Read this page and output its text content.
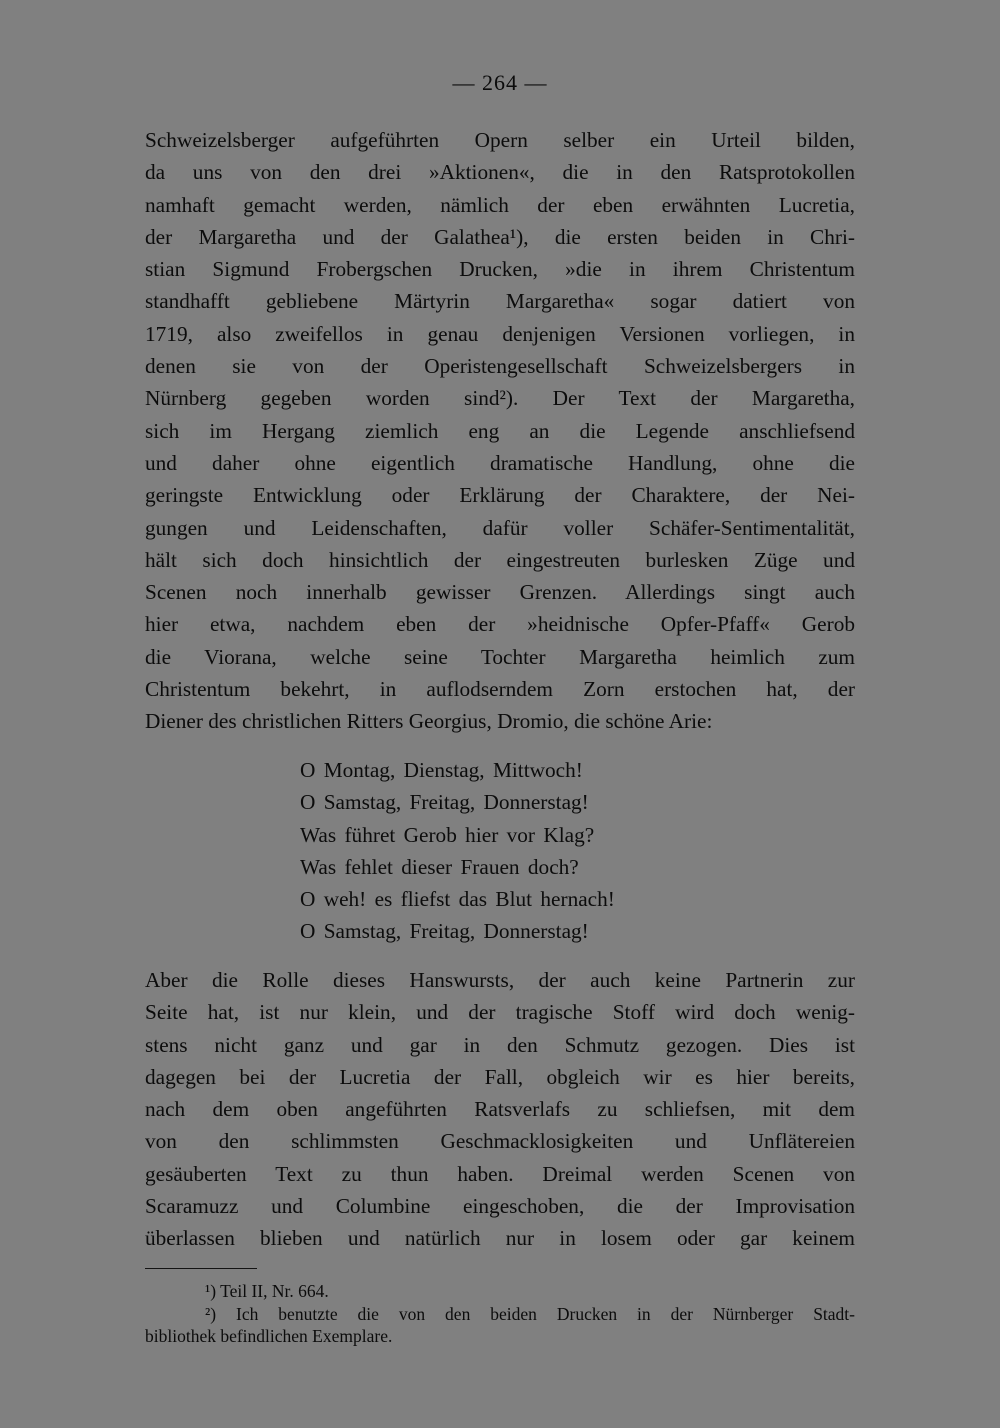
— 264 —
Schweizelsberger aufgeführten Opern selber ein Urteil bilden,
da uns von den drei »Aktionen«, die in den Ratsprotokollen
namhaft gemacht werden, nämlich der eben erwähnten Lucretia,
der Margaretha und der Galathea¹), die ersten beiden in Chri-
stian Sigmund Frobergschen Drucken, »die in ihrem Christentum
standhafft gebliebene Märtyrin Margaretha« sogar datiert von
1719, also zweifellos in genau denjenigen Versionen vorliegen, in
denen sie von der Operistengesellschaft Schweizelsbergers in
Nürnberg gegeben worden sind²). Der Text der Margaretha,
sich im Hergang ziemlich eng an die Legende anschliefsend
und daher ohne eigentlich dramatische Handlung, ohne die
geringste Entwicklung oder Erklärung der Charaktere, der Nei-
gungen und Leidenschaften, dafür voller Schäfer-Sentimentalität,
hält sich doch hinsichtlich der eingestreuten burlesken Züge und
Scenen noch innerhalb gewisser Grenzen. Allerdings singt auch
hier etwa, nachdem eben der »heidnische Opfer-Pfaff« Gerob
die Viorana, welche seine Tochter Margaretha heimlich zum
Christentum bekehrt, in auflodserndem Zorn erstochen hat, der
Diener des christlichen Ritters Georgius, Dromio, die schöne Arie:
O Montag, Dienstag, Mittwoch!
O Samstag, Freitag, Donnerstag!
Was führet Gerob hier vor Klag?
Was fehlet dieser Frauen doch?
O weh! es fliefst das Blut hernach!
O Samstag, Freitag, Donnerstag!
Aber die Rolle dieses Hanswursts, der auch keine Partnerin zur
Seite hat, ist nur klein, und der tragische Stoff wird doch wenig-
stens nicht ganz und gar in den Schmutz gezogen. Dies ist
dagegen bei der Lucretia der Fall, obgleich wir es hier bereits,
nach dem oben angeführten Ratsverlafs zu schliefsen, mit dem
von den schlimmsten Geschmacklosigkeiten und Unflätereien
gesäuberten Text zu thun haben. Dreimal werden Scenen von
Scaramuzz und Columbine eingeschoben, die der Improvisation
überlassen blieben und natürlich nur in losem oder gar keinem
¹) Teil II, Nr. 664.
²) Ich benutzte die von den beiden Drucken in der Nürnberger Stadt-
bibliothek befindlichen Exemplare.
